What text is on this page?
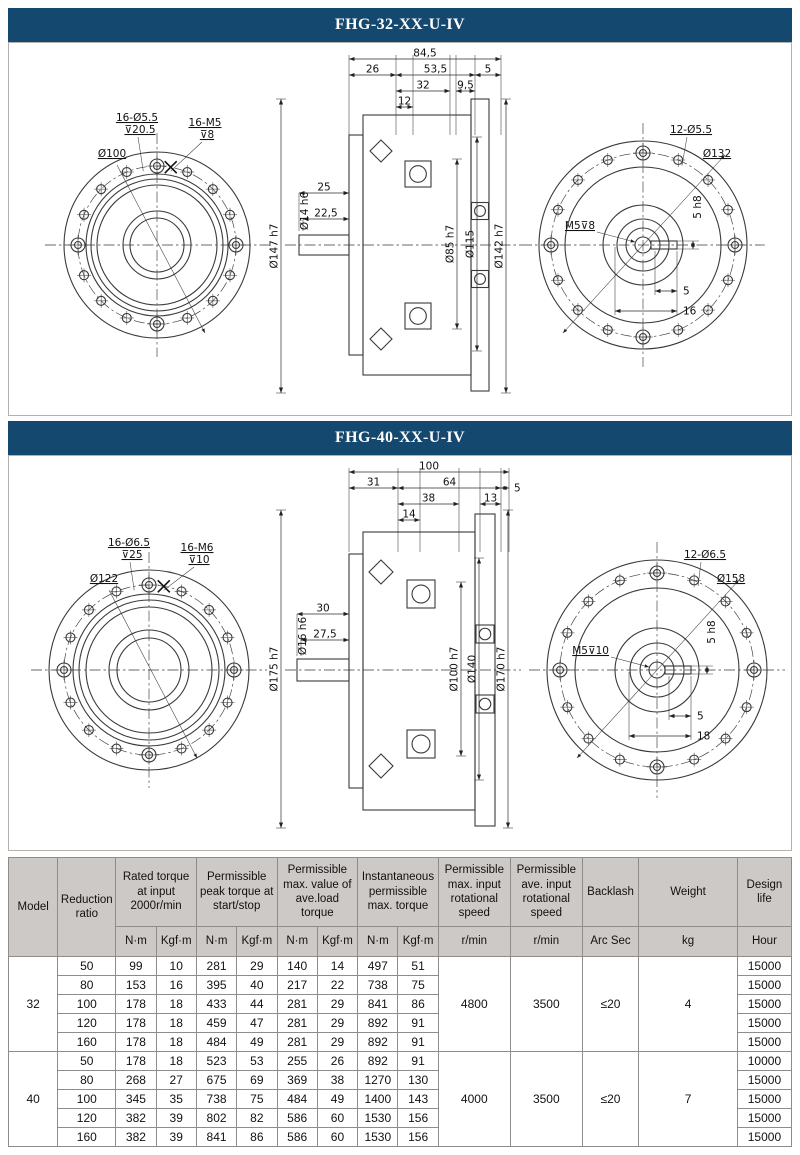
FHG-32-XX-U-IV
16-Ø5.5
⊽20.5
16-M5
⊽8
Ø100
84,5
26	53,5	5
32	9,5
12
25
22,5
Ø14 h6
Ø147 h7	Ø85 h7 Ø115 Ø142 h7
12-Ø5.5
Ø132
M5⊽8
5 h8
5
16
FHG-40-XX-U-IV
16-Ø6.5
⊽25
16-M6
⊽10
Ø122
100
31	64	5
38	13
14
30
27,5
Ø16 h6
Ø175 h7	Ø100 h7 Ø140 Ø170 h7
12-Ø6.5
Ø158
M5⊽10
5 h8
5
18
Model	Reduction ratio	Rated torque at input 2000r/min		Permissible peak torque at start/stop		Permissible max. value of ave.load torque		Instantaneous permissible max. torque		Permissible max. input rotational speed	Permissible ave. input rotational speed	Backlash	Weight	Design life
		N·m	Kgf·m	N·m	Kgf·m	N·m	Kgf·m	N·m	Kgf·m	r/min	r/min	Arc Sec	kg	Hour
32	50	99	10	281	29	140	14	497	51	4800	3500	≤20	4	15000
	80	153	16	395	40	217	22	738	75					15000
	100	178	18	433	44	281	29	841	86					15000
	120	178	18	459	47	281	29	892	91					15000
	160	178	18	484	49	281	29	892	91					15000
40	50	178	18	523	53	255	26	892	91	4000	3500	≤20	7	10000
	80	268	27	675	69	369	38	1270	130					15000
	100	345	35	738	75	484	49	1400	143					15000
	120	382	39	802	82	586	60	1530	156					15000
	160	382	39	841	86	586	60	1530	156					15000
